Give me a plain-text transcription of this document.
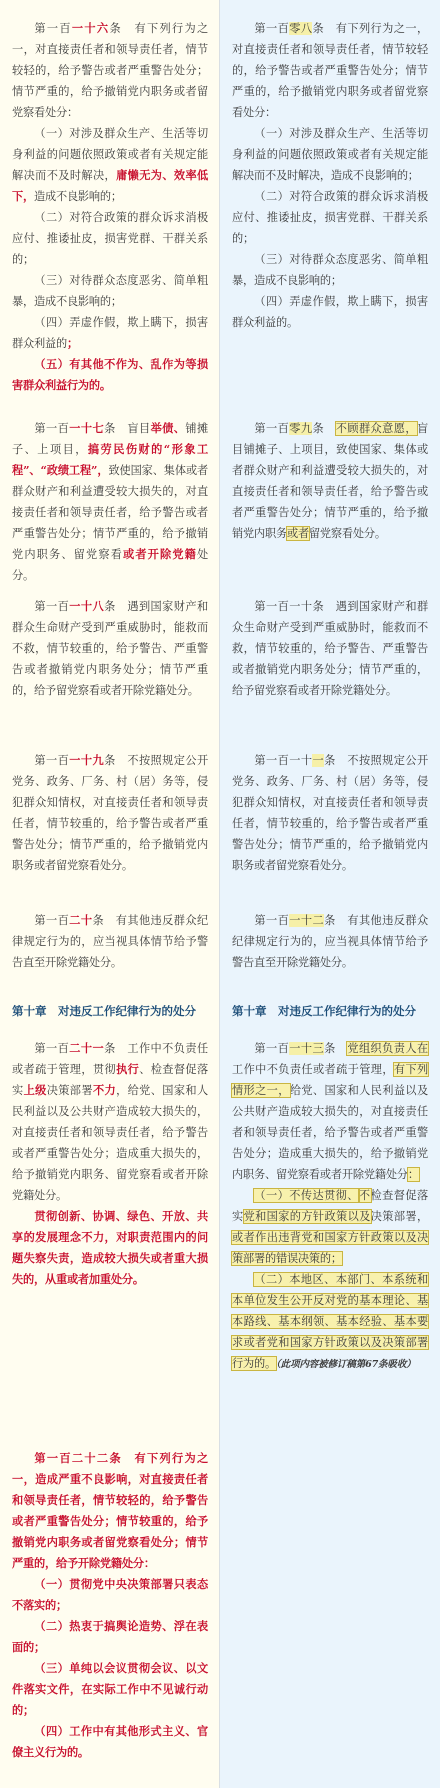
第一百一十六条　 有下列行为之一，对直接责任者和领导责任者，情节较轻的，给予警告或者严重警告处分；情节严重的，给予撤销党内职务或者留党察看处分：

（一）对涉及群众生产、生活等切身利益的问题依照政策或者有关规定能解决而不及时解决，庸懒无为、效率低下，造成不良影响的；

（二）对符合政策的群众诉求消极应付、推诿扯皮，损害党群、干群关系的；

（三）对待群众态度恶劣、简单粗暴，造成不良影响的；

（四）弄虚作假，欺上瞒下，损害群众利益的；

（五）有其他不作为、乱作为等损害群众利益行为的。

第一百一十七条　 盲目举债、铺摊子、上项目，搞劳民伤财的“形象工程”、“政绩工程”，致使国家、集体或者群众财产和利益遭受较大损失的，对直接责任者和领导责任者，给予警告或者严重警告处分；情节严重的，给予撤销党内职务、留党察看或者开除党籍处分。

第一百一十八条　 遇到国家财产和群众生命财产受到严重威胁时，能救而不救，情节较重的，给予警告、严重警告或者撤销党内职务处分；情节严重的，给予留党察看或者开除党籍处分。

第一百一十九条　 不按照规定公开党务、政务、厂务、村（居）务等，侵犯群众知情权，对直接责任者和领导责任者，情节较重的，给予警告或者严重警告处分；情节严重的，给予撤销党内职务或者留党察看处分。

第一百二十条　 有其他违反群众纪律规定行为的，应当视具体情节给予警告直至开除党籍处分。

第十章　对违反工作纪律行为的处分

第一百二十一条　 工作中不负责任或者疏于管理，贯彻执行、检查督促落实上级决策部署不力，给党、国家和人民利益以及公共财产造成较大损失的，对直接责任者和领导责任者，给予警告或者严重警告处分；造成重大损失的，给予撤销党内职务、留党察看或者开除党籍处分。

贯彻创新、协调、绿色、开放、共享的发展理念不力，对职责范围内的问题失察失责，造成较大损失或者重大损失的，从重或者加重处分。

第一百二十二条　有下列行为之一，造成严重不良影响，对直接责任者和领导责任者，情节较轻的，给予警告或者严重警告处分；情节较重的，给予撤销党内职务或者留党察看处分；情节严重的，给予开除党籍处分：

（一）贯彻党中央决策部署只表态不落实的；

（二）热衷于搞舆论造势、浮在表面的；

（三）单纯以会议贯彻会议、以文件落实文件，在实际工作中不见诚行动的；

（四）工作中有其他形式主义、官僚主义行为的。

第一百零八条　 有下列行为之一，对直接责任者和领导责任者，情节较轻的，给予警告或者严重警告处分；情节严重的，给予撤销党内职务或者留党察看处分：

（一）对涉及群众生产、生活等切身利益的问题依照政策或者有关规定能解决而不及时解决，造成不良影响的；

（二）对符合政策的群众诉求消极应付、推诿扯皮，损害党群、干群关系的；

（三）对待群众态度恶劣、简单粗暴，造成不良影响的；

（四）弄虚作假，欺上瞒下，损害群众利益的。

第一百零九条　 不顾群众意愿，盲目铺摊子、上项目，致使国家、集体或者群众财产和利益遭受较大损失的，对直接责任者和领导责任者，给予警告或者严重警告处分；情节严重的，给予撤销党内职务或者留党察看处分。

第一百一十条　 遇到国家财产和群众生命财产受到严重威胁时，能救而不救，情节较重的，给予警告、严重警告或者撤销党内职务处分；情节严重的，给予留党察看或者开除党籍处分。

第一百一十一条　 不按照规定公开党务、政务、厂务、村（居）务等，侵犯群众知情权，对直接责任者和领导责任者，情节较重的，给予警告或者严重警告处分；情节严重的，给予撤销党内职务或者留党察看处分。

第一百一十二条　 有其他违反群众纪律规定行为的，应当视具体情节给予警告直至开除党籍处分。

第十章　对违反工作纪律行为的处分

第一百一十三条　 党组织负责人在工作中不负责任或者疏于管理，有下列情形之一，给党、国家和人民利益以及公共财产造成较大损失的，对直接责任者和领导责任者，给予警告或者严重警告处分；造成重大损失的，给予撤销党内职务、留党察看或者开除党籍处分：

（一）不传达贯彻、不检查督促落实党和国家的方针政策以及决策部署，或者作出违背党和国家方针政策以及决策部署的错误决策的；

（二）本地区、本部门、本系统和本单位发生公开反对党的基本理论、基本路线、基本纲领、基本经验、基本要求或者党和国家方针政策以及决策部署行为的。（此项内容被修订稿第67条吸收）
